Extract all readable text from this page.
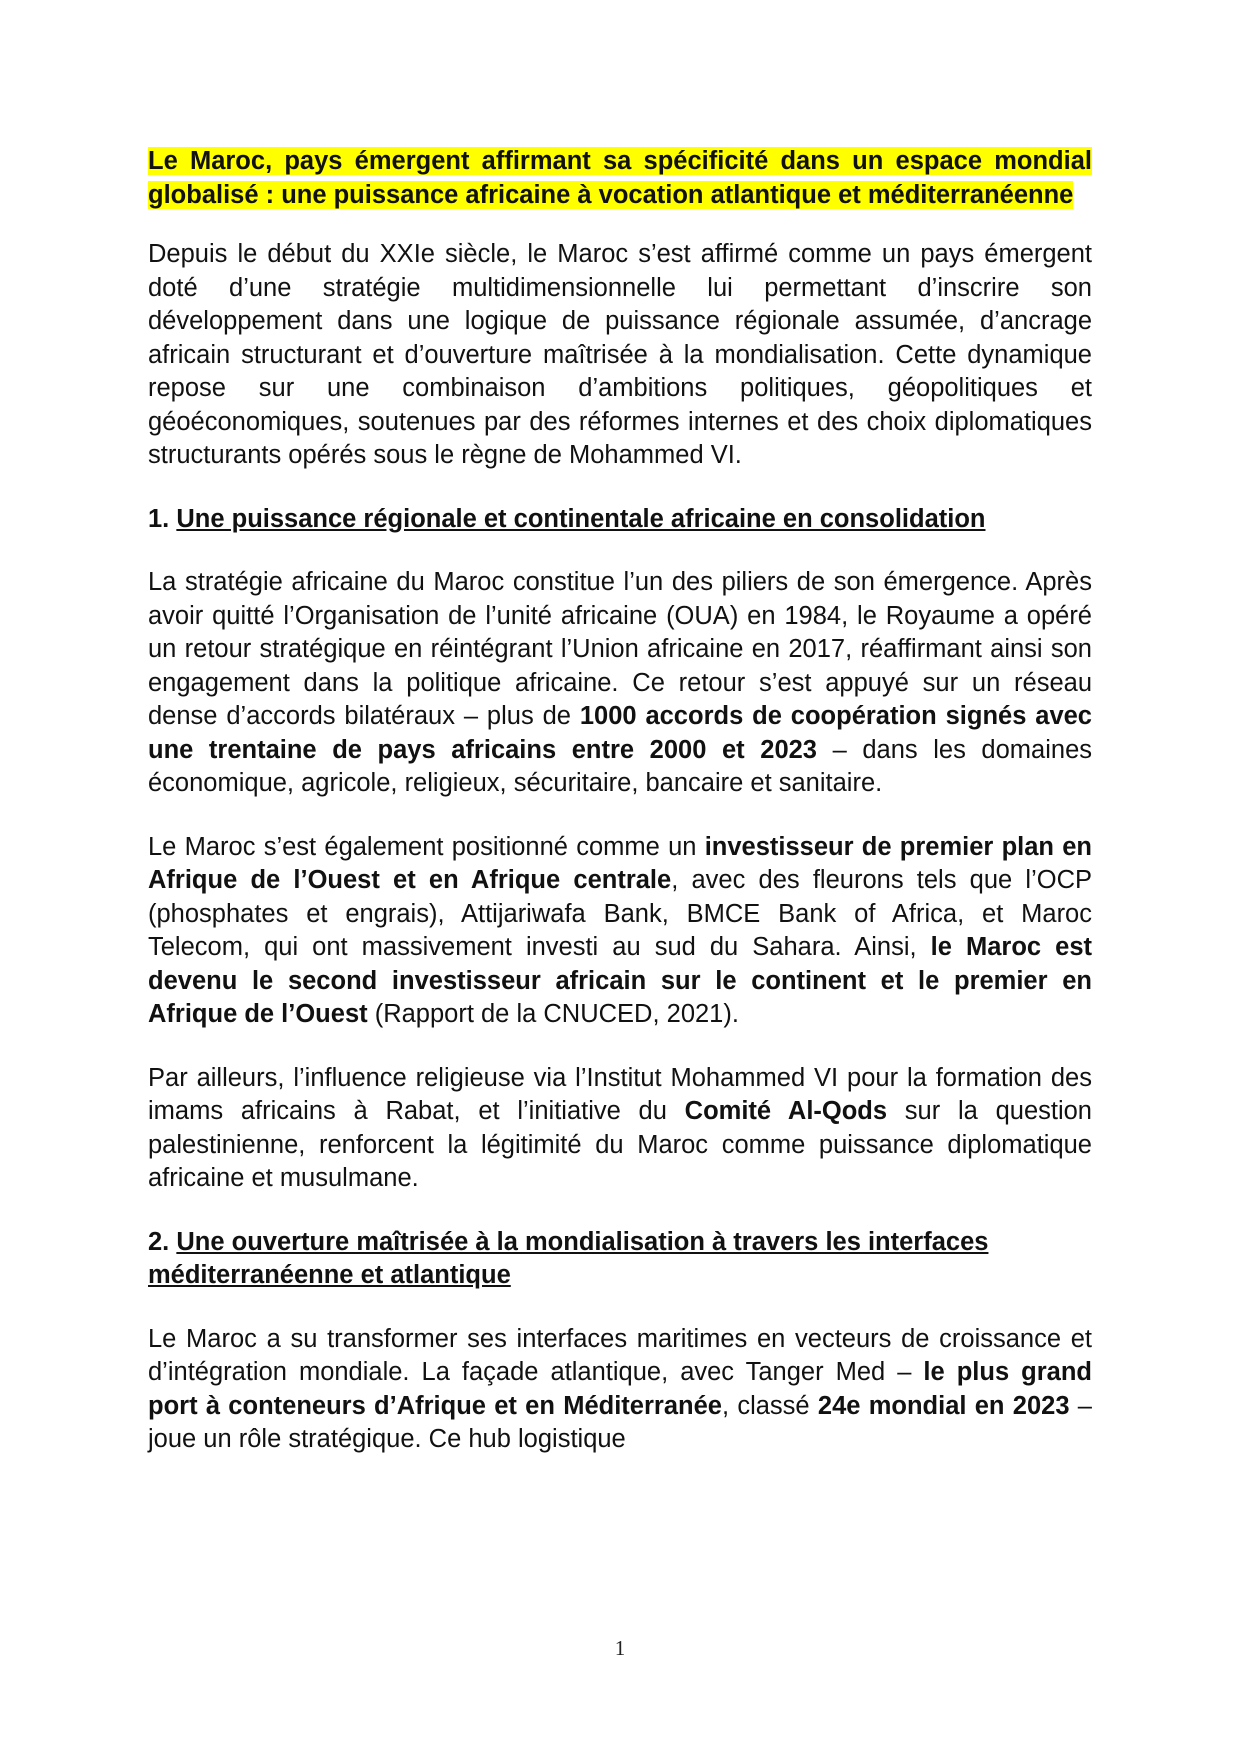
Le Maroc, pays émergent affirmant sa spécificité dans un espace mondial globalisé : une puissance africaine à vocation atlantique et méditerranéenne

Depuis le début du XXIe siècle, le Maroc s’est affirmé comme un pays émergent doté d’une stratégie multidimensionnelle lui permettant d’inscrire son développement dans une logique de puissance régionale assumée, d’ancrage africain structurant et d’ouverture maîtrisée à la mondialisation. Cette dynamique repose sur une combinaison d’ambitions politiques, géopolitiques et géoéconomiques, soutenues par des réformes internes et des choix diplomatiques structurants opérés sous le règne de Mohammed VI.

1. Une puissance régionale et continentale africaine en consolidation

La stratégie africaine du Maroc constitue l’un des piliers de son émergence. Après avoir quitté l’Organisation de l’unité africaine (OUA) en 1984, le Royaume a opéré un retour stratégique en réintégrant l’Union africaine en 2017, réaffirmant ainsi son engagement dans la politique africaine. Ce retour s’est appuyé sur un réseau dense d’accords bilatéraux – plus de 1000 accords de coopération signés avec une trentaine de pays africains entre 2000 et 2023 – dans les domaines économique, agricole, religieux, sécuritaire, bancaire et sanitaire.

Le Maroc s’est également positionné comme un investisseur de premier plan en Afrique de l’Ouest et en Afrique centrale, avec des fleurons tels que l’OCP (phosphates et engrais), Attijariwafa Bank, BMCE Bank of Africa, et Maroc Telecom, qui ont massivement investi au sud du Sahara. Ainsi, le Maroc est devenu le second investisseur africain sur le continent et le premier en Afrique de l’Ouest (Rapport de la CNUCED, 2021).

Par ailleurs, l’influence religieuse via l’Institut Mohammed VI pour la formation des imams africains à Rabat, et l’initiative du Comité Al-Qods sur la question palestinienne, renforcent la légitimité du Maroc comme puissance diplomatique africaine et musulmane.

2. Une ouverture maîtrisée à la mondialisation à travers les interfaces méditerranéenne et atlantique

Le Maroc a su transformer ses interfaces maritimes en vecteurs de croissance et d’intégration mondiale. La façade atlantique, avec Tanger Med – le plus grand port à conteneurs d’Afrique et en Méditerranée, classé 24e mondial en 2023 – joue un rôle stratégique. Ce hub logistique

1
